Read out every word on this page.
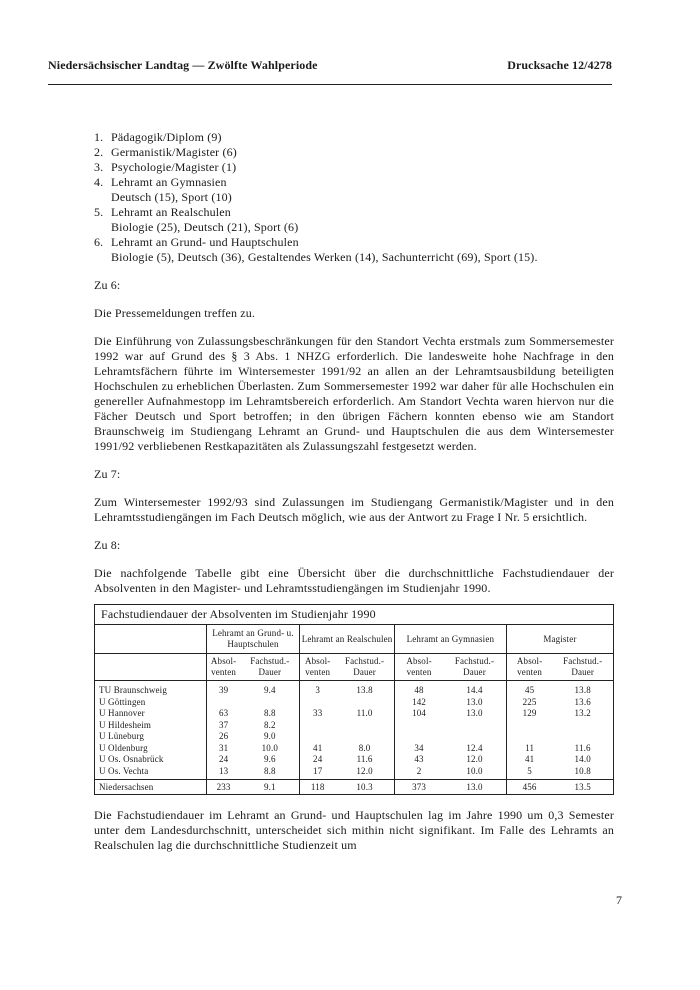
Niedersächsischer Landtag — Zwölfte Wahlperiode	Drucksache 12/4278
1. Pädagogik/Diplom (9)
2. Germanistik/Magister (6)
3. Psychologie/Magister (1)
4. Lehramt an Gymnasien
Deutsch (15), Sport (10)
5. Lehramt an Realschulen
Biologie (25), Deutsch (21), Sport (6)
6. Lehramt an Grund- und Hauptschulen
Biologie (5), Deutsch (36), Gestaltendes Werken (14), Sachunterricht (69), Sport (15).

Zu 6:

Die Pressemeldungen treffen zu.

Die Einführung von Zulassungsbeschränkungen für den Standort Vechta erstmals zum Sommersemester 1992 war auf Grund des § 3 Abs. 1 NHZG erforderlich. Die landesweite hohe Nachfrage in den Lehramtsfächern führte im Wintersemester 1991/92 an allen an der Lehramtsausbildung beteiligten Hochschulen zu erheblichen Überlasten. Zum Sommersemester 1992 war daher für alle Hochschulen ein genereller Aufnahmestopp im Lehramtsbereich erforderlich. Am Standort Vechta waren hiervon nur die Fächer Deutsch und Sport betroffen; in den übrigen Fächern konnten ebenso wie am Standort Braunschweig im Studiengang Lehramt an Grund- und Hauptschulen die aus dem Wintersemester 1991/92 verbliebenen Restkapazitäten als Zulassungszahl festgesetzt werden.

Zu 7:

Zum Wintersemester 1992/93 sind Zulassungen im Studiengang Germanistik/Magister und in den Lehramtsstudiengängen im Fach Deutsch möglich, wie aus der Antwort zu Frage I Nr. 5 ersichtlich.

Zu 8:

Die nachfolgende Tabelle gibt eine Übersicht über die durchschnittliche Fachstudiendauer der Absolventen in den Magister- und Lehramtsstudiengängen im Studienjahr 1990.

Fachstudiendauer der Absolventen im Studienjahr 1990
	Lehramt an Grund- u. Hauptschulen		Lehramt an Realschulen		Lehramt an Gymnasien		Magister	
	Absol- venten	Fachstud.- Dauer	Absol- venten	Fachstud.- Dauer	Absol- venten	Fachstud.- Dauer	Absol- venten	Fachstud.- Dauer
TU Braunschweig	39	9.4	3	13.8	48	14.4	45	13.8
U Göttingen					142	13.0	225	13.6
U Hannover	63	8.8	33	11.0	104	13.0	129	13.2
U Hildesheim	37	8.2						
U Lüneburg	26	9.0						
U Oldenburg	31	10.0	41	8.0	34	12.4	11	11.6
U Os. Osnabrück	24	9.6	24	11.6	43	12.0	41	14.0
U Os. Vechta	13	8.8	17	12.0	2	10.0	5	10.8
Niedersachsen	233	9.1	118	10.3	373	13.0	456	13.5

Die Fachstudiendauer im Lehramt an Grund- und Hauptschulen lag im Jahre 1990 um 0,3 Semester unter dem Landesdurchschnitt, unterscheidet sich mithin nicht signifikant. Im Falle des Lehramts an Realschulen lag die durchschnittliche Studienzeit um

7
